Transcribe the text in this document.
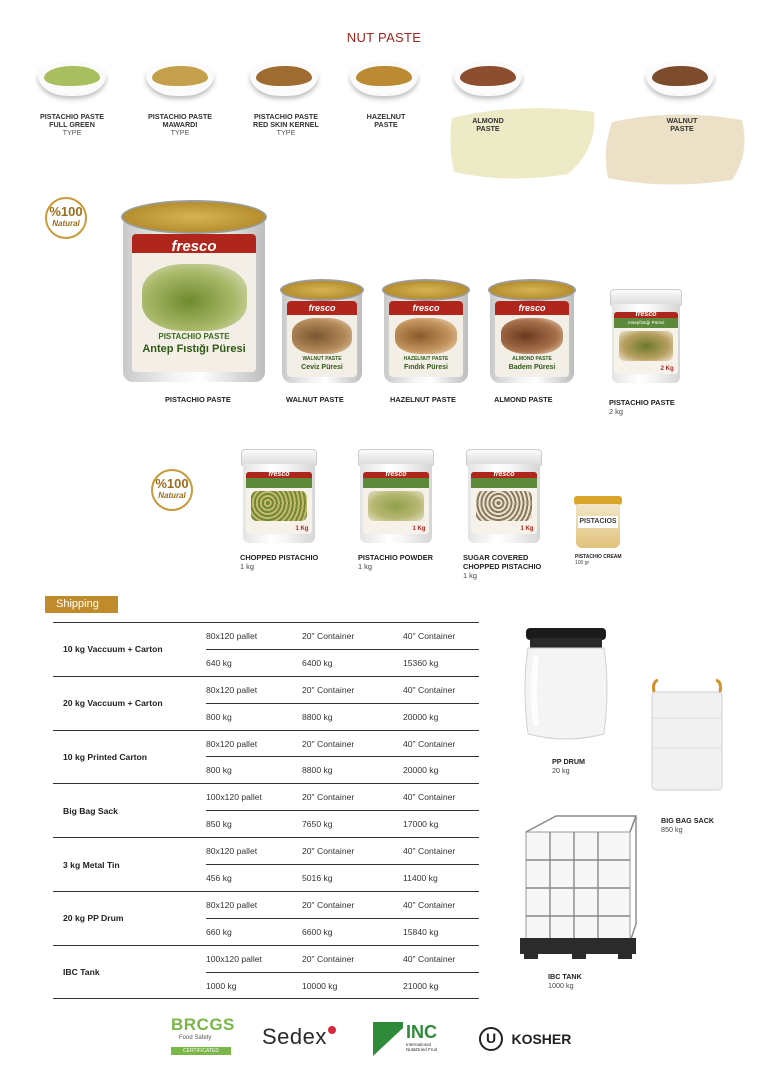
NUT PASTE
PISTACHIO PASTE
FULL GREEN
TYPE
PISTACHIO PASTE
MAWARDI
TYPE
PISTACHIO PASTE
RED SKIN KERNEL
TYPE
HAZELNUT
PASTE	ALMOND
PASTE
WALNUT
PASTE
%100
Natural
%100
Natural
fresco
PISTACHIO PASTE
Antep Fıstığı Püresi
fresco
WALNUT PASTE
Ceviz Püresi
fresco
HAZELNUT PASTE
Fındık Püresi
fresco
ALMOND PASTE
Badem Püresi
fresco
Antepfıstığı Püresi
2 Kg
PISTACHIO PASTE	WALNUT PASTE	HAZELNUT PASTE	ALMOND PASTE	PISTACHIO PASTE
2 kg
fresco
1 Kg
fresco
1 Kg
fresco
1 Kg
PISTACIOS
CHOPPED PISTACHIO
1 kg
PISTACHIO POWDER
1 kg
SUGAR COVERED
CHOPPED PISTACHIO
1 kg
PISTACHIO CREAM
100 gr
Shipping
10 kg Vaccuum + Carton	80x120 pallet	20" Container	40" Container
	640 kg	6400 kg	15360 kg
20 kg Vaccuum + Carton	80x120 pallet	20" Container	40" Container
	800 kg	8800 kg	20000 kg
10 kg Printed Carton	80x120 pallet	20" Container	40" Container
	800 kg	8800 kg	20000 kg
Big Bag Sack	100x120 pallet	20" Container	40" Container
	850 kg	7650 kg	17000 kg
3 kg Metal Tin	80x120 pallet	20" Container	40" Container
	456 kg	5016 kg	11400 kg
20 kg PP Drum	80x120 pallet	20" Container	40" Container
	660 kg	6600 kg	15840 kg
IBC Tank	100x120 pallet	20" Container	40" Container
	1000 kg	10000 kg	21000 kg
PP DRUM
20 kg
BIG BAG SACK
850 kg
IBC TANK
1000 kg
BRCGS
Food Safety
CERTIFICATED
Sedex	INC
International Nut&Dried Fruit
U KOSHER
